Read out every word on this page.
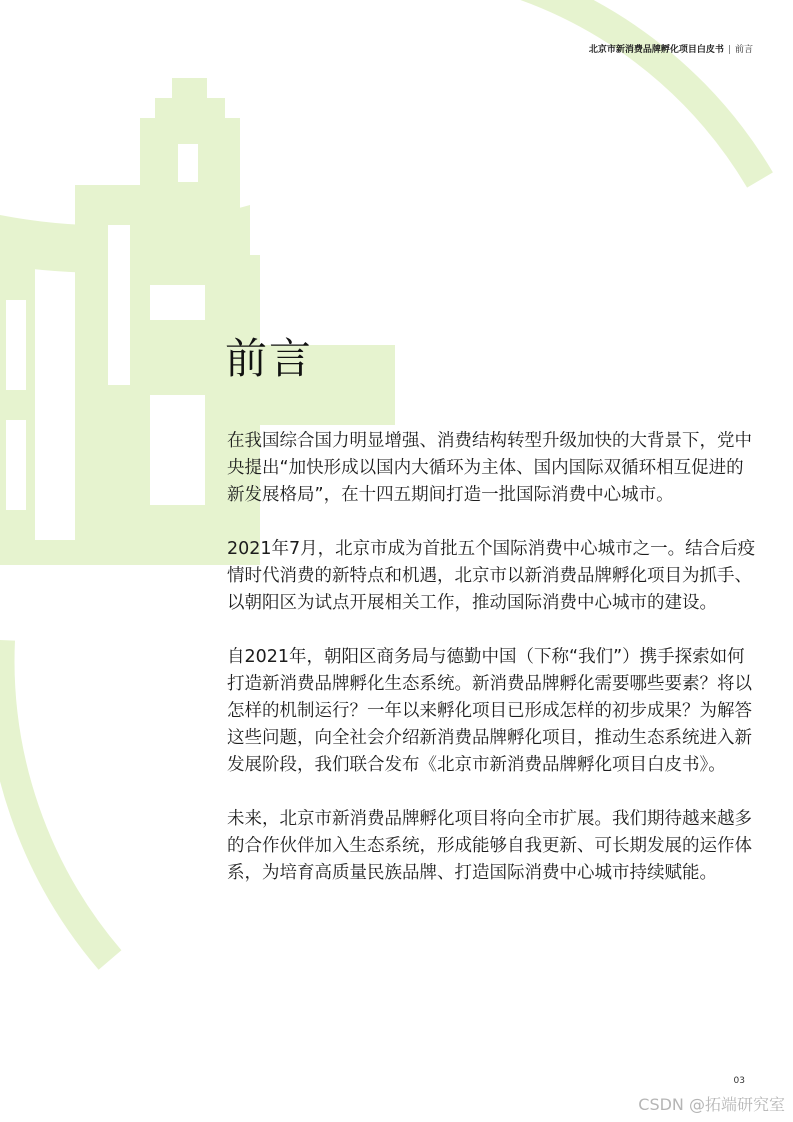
北京市新消费品牌孵化项目白皮书 | 前言
前言

在我国综合国力明显增强、消费结构转型升级加快的大背景下，党中央提出“加快形成以国内大循环为主体、国内国际双循环相互促进的新发展格局”，在十四五期间打造一批国际消费中心城市。

2021年7月，北京市成为首批五个国际消费中心城市之一。结合后疫情时代消费的新特点和机遇，北京市以新消费品牌孵化项目为抓手、以朝阳区为试点开展相关工作，推动国际消费中心城市的建设。

自2021年，朝阳区商务局与德勤中国（下称“我们”）携手探索如何打造新消费品牌孵化生态系统。新消费品牌孵化需要哪些要素？将以怎样的机制运行？一年以来孵化项目已形成怎样的初步成果？为解答这些问题，向全社会介绍新消费品牌孵化项目，推动生态系统进入新发展阶段，我们联合发布《北京市新消费品牌孵化项目白皮书》。

未来，北京市新消费品牌孵化项目将向全市扩展。我们期待越来越多的合作伙伴加入生态系统，形成能够自我更新、可长期发展的运作体系，为培育高质量民族品牌、打造国际消费中心城市持续赋能。

03
CSDN @拓端研究室
